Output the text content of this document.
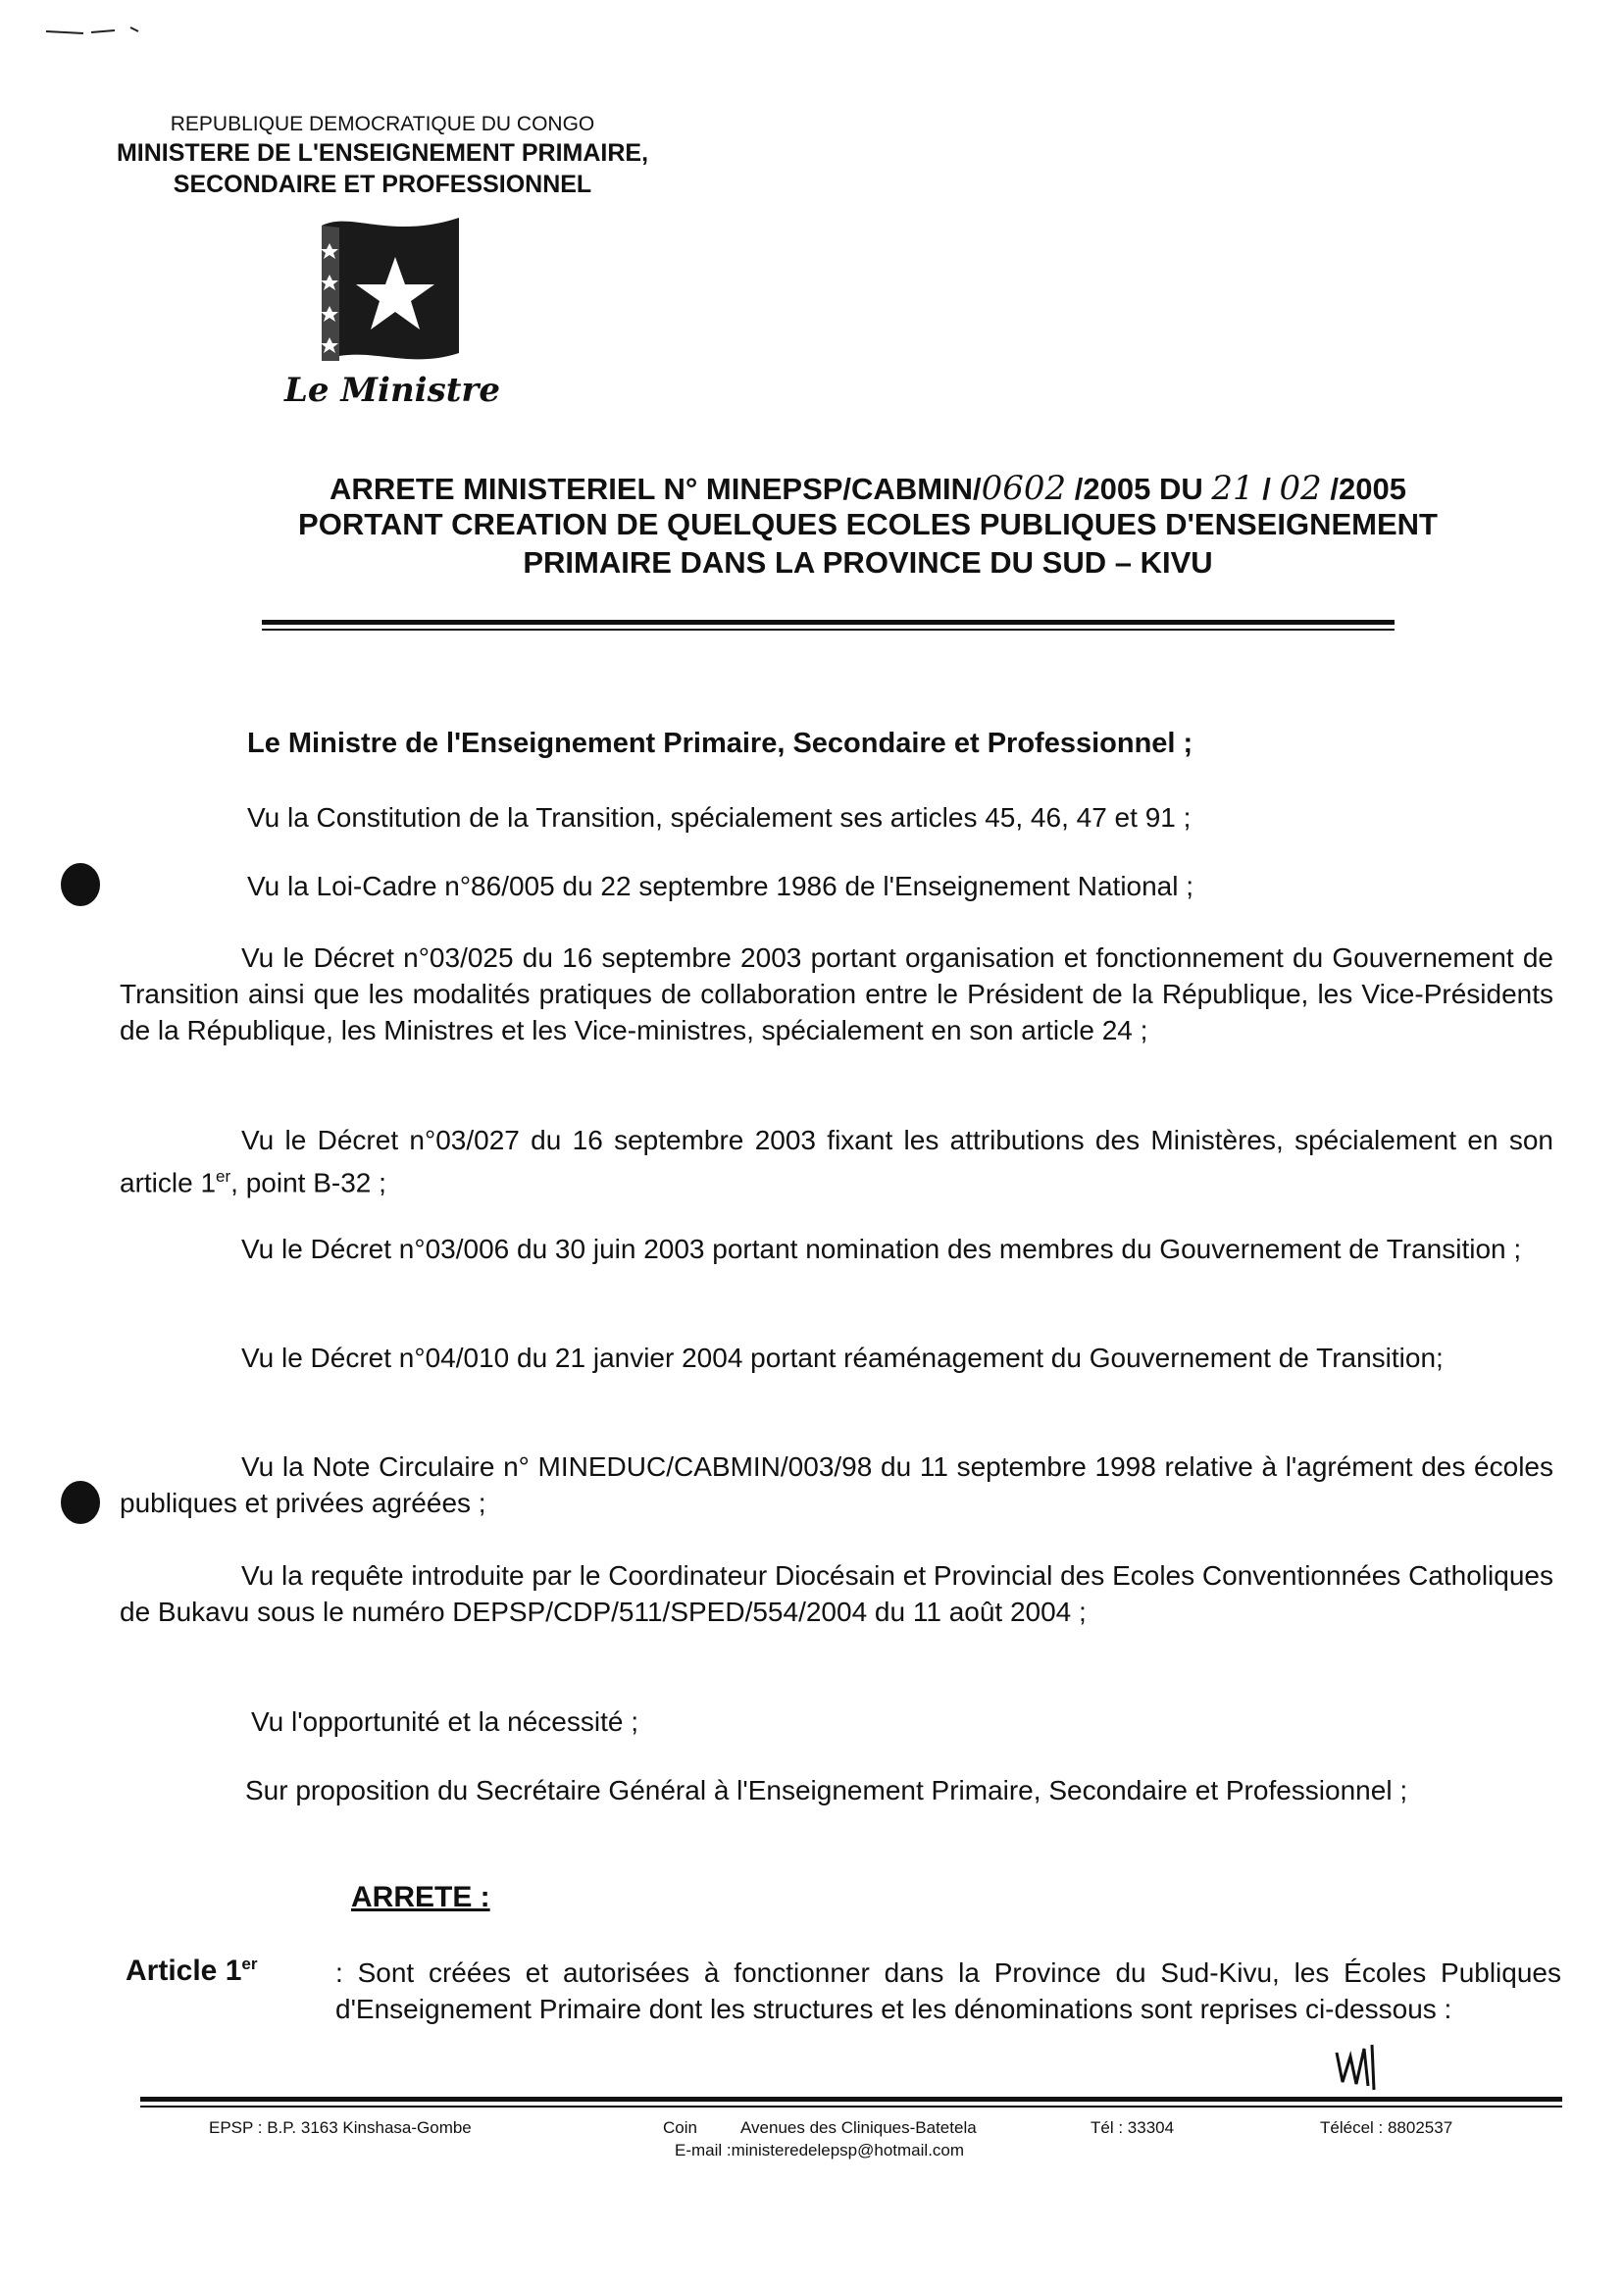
REPUBLIQUE DEMOCRATIQUE DU CONGO
MINISTERE DE L'ENSEIGNEMENT PRIMAIRE,
SECONDAIRE ET PROFESSIONNEL
Le Ministre
ARRETE MINISTERIEL N° MINEPSP/CABMIN/0602 /2005 DU 21 / 02 /2005
PORTANT CREATION DE QUELQUES ECOLES PUBLIQUES D'ENSEIGNEMENT
PRIMAIRE DANS LA PROVINCE DU SUD – KIVU
Le Ministre de l'Enseignement Primaire, Secondaire et Professionnel ;
Vu la Constitution de la Transition, spécialement ses articles 45, 46, 47 et 91 ;
Vu la Loi-Cadre n°86/005 du 22 septembre 1986 de l'Enseignement National ;
Vu le Décret n°03/025 du 16 septembre 2003 portant organisation et fonctionnement du Gouvernement de Transition ainsi que les modalités pratiques de collaboration entre le Président de la République, les Vice-Présidents de la République, les Ministres et les Vice-ministres, spécialement en son article 24 ;
Vu le Décret n°03/027 du 16 septembre 2003 fixant les attributions des Ministères, spécialement en son article 1er, point B-32 ;
Vu le Décret n°03/006 du 30 juin 2003 portant nomination des membres du Gouvernement de Transition ;
Vu le Décret n°04/010 du 21 janvier 2004 portant réaménagement du Gouvernement de Transition;
Vu la Note Circulaire n° MINEDUC/CABMIN/003/98 du 11 septembre 1998 relative à l'agrément des écoles publiques et privées agréées ;
Vu la requête introduite par le Coordinateur Diocésain et Provincial des Ecoles Conventionnées Catholiques de Bukavu sous le numéro DEPSP/CDP/511/SPED/554/2004 du 11 août 2004 ;
Vu l'opportunité et la nécessité ;
Sur proposition du Secrétaire Général à l'Enseignement Primaire, Secondaire et Professionnel ;
ARRETE :
Article 1er	: Sont créées et autorisées à fonctionner dans la Province du Sud-Kivu, les Écoles Publiques d'Enseignement Primaire dont les structures et les dénominations sont reprises ci-dessous :
EPSP : B.P. 3163 Kinshasa-Gombe	Coin	Avenues des Cliniques-Batetela
E-mail :ministeredelepsp@hotmail.com
Tél : 33304	Télécel : 8802537
